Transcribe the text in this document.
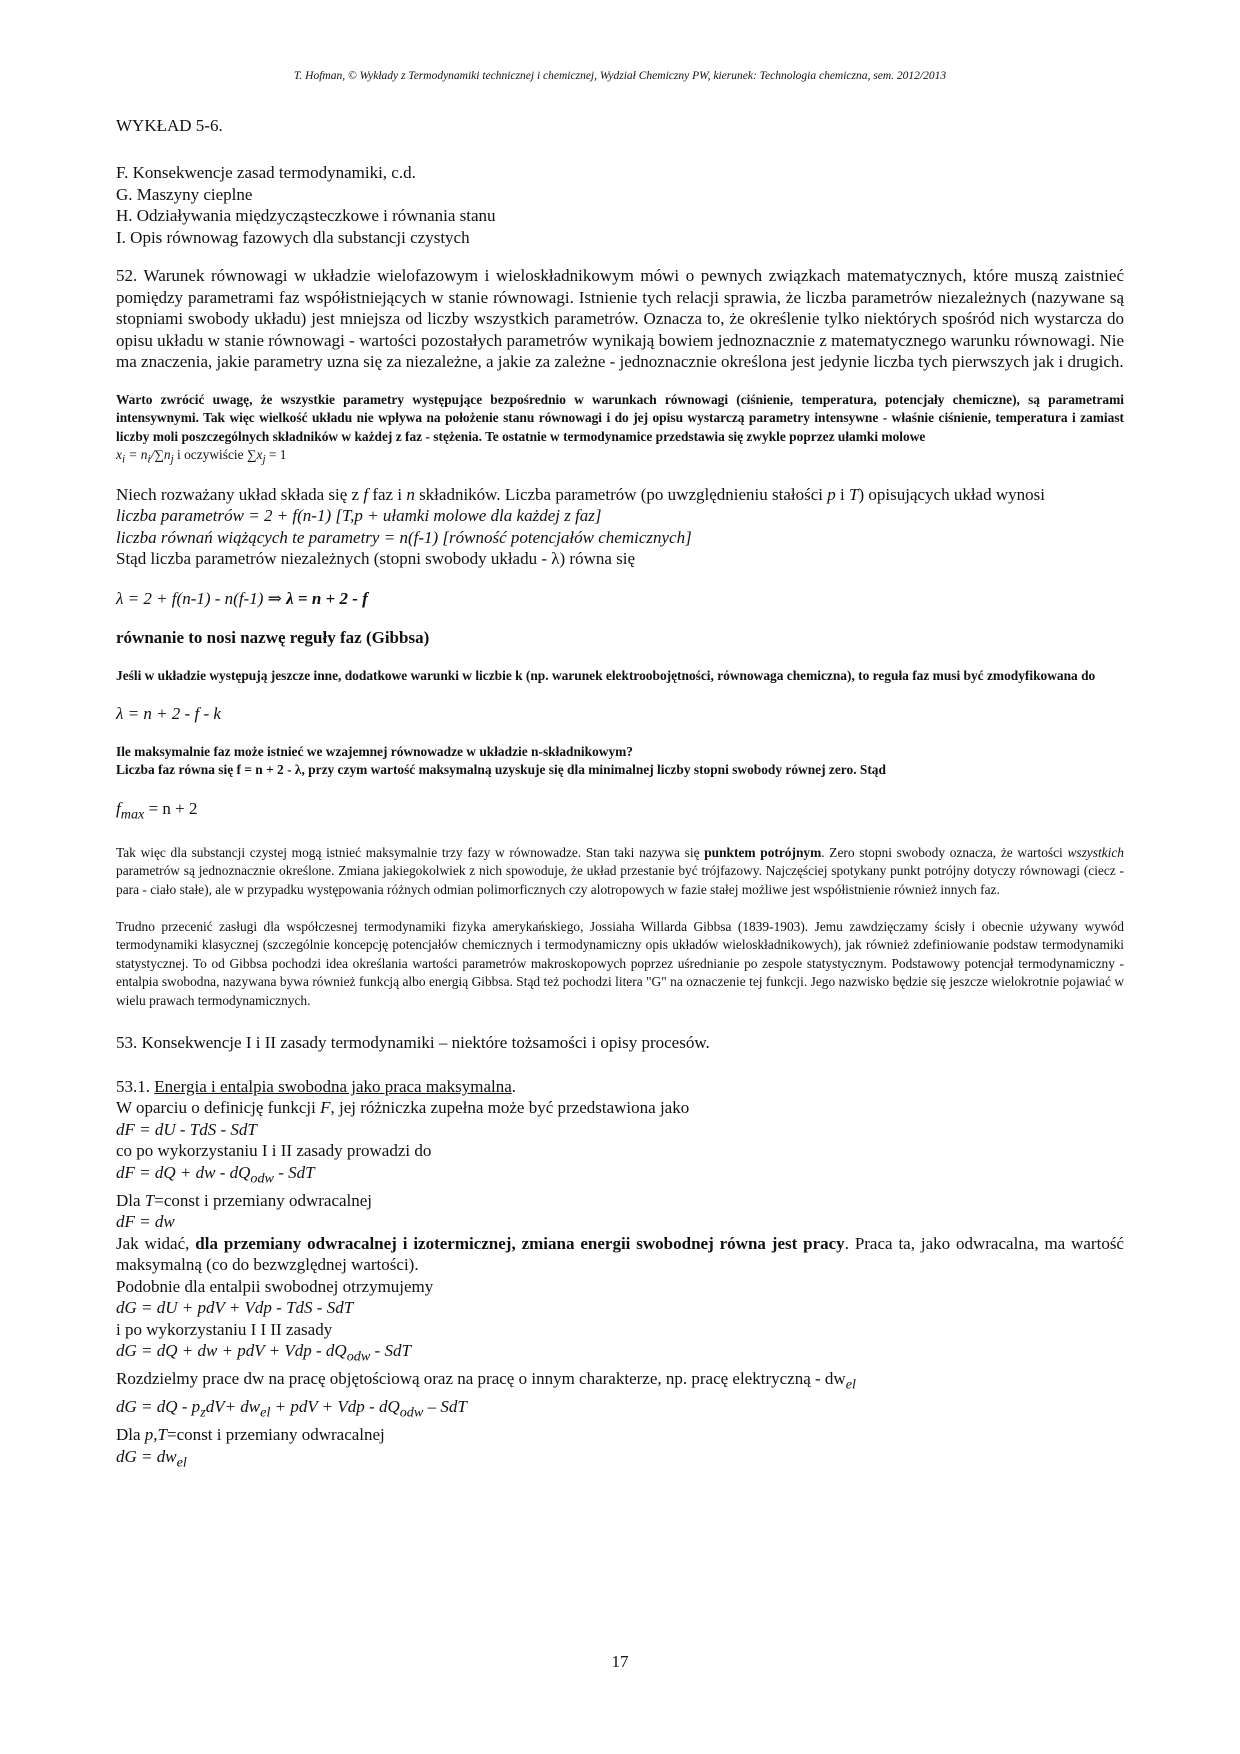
T. Hofman, © Wykłady z Termodynamiki technicznej i chemicznej, Wydział Chemiczny PW, kierunek: Technologia chemiczna, sem. 2012/2013
WYKŁAD 5-6.
F. Konsekwencje zasad termodynamiki, c.d.
G. Maszyny cieplne
H. Odziaływania międzycząsteczkowe i równania stanu
I. Opis równowag fazowych dla substancji czystych

52. Warunek równowagi w układzie wielofazowym i wieloskładnikowym mówi o pewnych związkach matematycznych, które muszą zaistnieć pomiędzy parametrami faz współistniejących w stanie równowagi. Istnienie tych relacji sprawia, że liczba parametrów niezależnych (nazywane są stopniami swobody układu) jest mniejsza od liczby wszystkich parametrów. Oznacza to, że określenie tylko niektórych spośród nich wystarcza do opisu układu w stanie równowagi - wartości pozostałych parametrów wynikają bowiem jednoznacznie z matematycznego warunku równowagi. Nie ma znaczenia, jakie parametry uzna się za niezależne, a jakie za zależne - jednoznacznie określona jest jedynie liczba tych pierwszych jak i drugich.

Warto zwrócić uwagę, że wszystkie parametry występujące bezpośrednio w warunkach równowagi (ciśnienie, temperatura, potencjały chemiczne), są parametrami intensywnymi. Tak więc wielkość układu nie wpływa na położenie stanu równowagi i do jej opisu wystarczą parametry intensywne - właśnie ciśnienie, temperatura i zamiast liczby moli poszczególnych składników w każdej z faz - stężenia. Te ostatnie w termodynamice przedstawia się zwykle poprzez ułamki molowe

$x_i = n_i/\sum n_j$ i oczywiście $\sum x_j = 1$

Niech rozważany układ składa się z f faz i n składników. Liczba parametrów (po uwzględnieniu stałości p i T) opisujących układ wynosi

liczba parametrów = 2 + f(n-1) [T,p + ułamki molowe dla każdej z faz]

liczba równań wiążących te parametry = n(f-1) [równość potencjałów chemicznych]

Stąd liczba parametrów niezależnych (stopni swobody układu - λ) równa się

λ = 2 + f(n-1) - n(f-1) ⇒ λ = n + 2 - f

równanie to nosi nazwę reguły faz (Gibbsa)

Jeśli w układzie występują jeszcze inne, dodatkowe warunki w liczbie k (np. warunek elektroobojętności, równowaga chemiczna), to reguła faz musi być zmodyfikowana do

λ = n + 2 - f - k

Ile maksymalnie faz może istnieć we wzajemnej równowadze w układzie n-składnikowym?

Liczba faz równa się f = n + 2 - λ, przy czym wartość maksymalną uzyskuje się dla minimalnej liczby stopni swobody równej zero. Stąd

$f_{max} = n + 2$

Tak więc dla substancji czystej mogą istnieć maksymalnie trzy fazy w równowadze. Stan taki nazywa się punktem potrójnym. Zero stopni swobody oznacza, że wartości wszystkich parametrów są jednoznacznie określone. Zmiana jakiegokolwiek z nich spowoduje, że układ przestanie być trójfazowy. Najczęściej spotykany punkt potrójny dotyczy równowagi (ciecz - para - ciało stałe), ale w przypadku występowania różnych odmian polimorficznych czy alotropowych w fazie stałej możliwe jest współistnienie również innych faz.

Trudno przecenić zasługi dla współczesnej termodynamiki fizyka amerykańskiego, Jossiaha Willarda Gibbsa (1839-1903). Jemu zawdzięczamy ścisły i obecnie używany wywód termodynamiki klasycznej (szczególnie koncepcję potencjałów chemicznych i termodynamiczny opis układów wieloskładnikowych), jak również zdefiniowanie podstaw termodynamiki statystycznej. To od Gibbsa pochodzi idea określania wartości parametrów makroskopowych poprzez uśrednianie po zespole statystycznym. Podstawowy potencjał termodynamiczny - entalpia swobodna, nazywana bywa również funkcją albo energią Gibbsa. Stąd też pochodzi litera "G" na oznaczenie tej funkcji. Jego nazwisko będzie się jeszcze wielokrotnie pojawiać w wielu prawach termodynamicznych.

53. Konsekwencje I i II zasady termodynamiki – niektóre tożsamości i opisy procesów.

53.1. Energia i entalpia swobodna jako praca maksymalna.

W oparciu o definicję funkcji F, jej różniczka zupełna może być przedstawiona jako

dF = dU - TdS - SdT

co po wykorzystaniu I i II zasady prowadzi do

dF = dQ + dw - $dQ_{odw}$ - SdT

Dla T=const i przemiany odwracalnej

dF = dw

Jak widać, dla przemiany odwracalnej i izotermicznej, zmiana energii swobodnej równa jest pracy. Praca ta, jako odwracalna, ma wartość maksymalną (co do bezwzględnej wartości).

Podobnie dla entalpii swobodnej otrzymujemy

dG = dU + pdV + Vdp - TdS - SdT

i po wykorzystaniu I I II zasady

dG = dQ + dw + pdV + Vdp - $dQ_{odw}$ - SdT

Rozdzielmy prace dw na pracę objętościową oraz na pracę o innym charakterze, np. pracę elektryczną - $dw_{el}$

dG = dQ - $p_zdV+ dw_{el}$ + pdV + Vdp - $dQ_{odw}$ – SdT

Dla p,T=const i przemiany odwracalnej

dG = $dw_{el}$

17
